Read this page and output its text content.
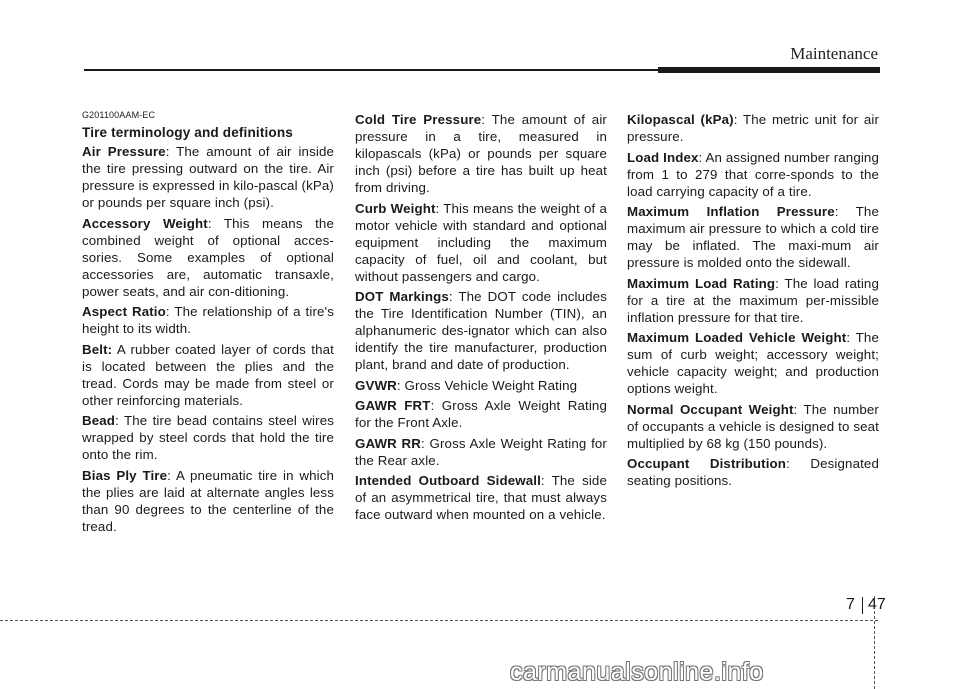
Maintenance
G201100AAM-EC
Tire terminology and definitions

Air Pressure: The amount of air inside the tire pressing outward on the tire. Air pressure is expressed in kilo-pascal (kPa) or pounds per square inch (psi).

Accessory Weight: This means the combined weight of optional acces-sories. Some examples of optional accessories are, automatic transaxle, power seats, and air con-ditioning.

Aspect Ratio: The relationship of a tire's height to its width.

Belt: A rubber coated layer of cords that is located between the plies and the tread. Cords may be made from steel or other reinforcing materials.

Bead: The tire bead contains steel wires wrapped by steel cords that hold the tire onto the rim.

Bias Ply Tire: A pneumatic tire in which the plies are laid at alternate angles less than 90 degrees to the centerline of the tread.

Cold Tire Pressure: The amount of air pressure in a tire, measured in kilopascals (kPa) or pounds per square inch (psi) before a tire has built up heat from driving.

Curb Weight: This means the weight of a motor vehicle with standard and optional equipment including the maximum capacity of fuel, oil and coolant, but without passengers and cargo.

DOT Markings: The DOT code includes the Tire Identification Number (TIN), an alphanumeric des-ignator which can also identify the tire manufacturer, production plant, brand and date of production.

GVWR: Gross Vehicle Weight Rating

GAWR FRT: Gross Axle Weight Rating for the Front Axle.

GAWR RR: Gross Axle Weight Rating for the Rear axle.

Intended Outboard Sidewall: The side of an asymmetrical tire, that must always face outward when mounted on a vehicle.

Kilopascal (kPa): The metric unit for air pressure.

Load Index: An assigned number ranging from 1 to 279 that corre-sponds to the load carrying capacity of a tire.

Maximum Inflation Pressure: The maximum air pressure to which a cold tire may be inflated. The maxi-mum air pressure is molded onto the sidewall.

Maximum Load Rating: The load rating for a tire at the maximum per-missible inflation pressure for that tire.

Maximum Loaded Vehicle Weight: The sum of curb weight; accessory weight; vehicle capacity weight; and production options weight.

Normal Occupant Weight: The number of occupants a vehicle is designed to seat multiplied by 68 kg (150 pounds).

Occupant Distribution: Designated seating positions.

7 47
carmanualsonline.info
